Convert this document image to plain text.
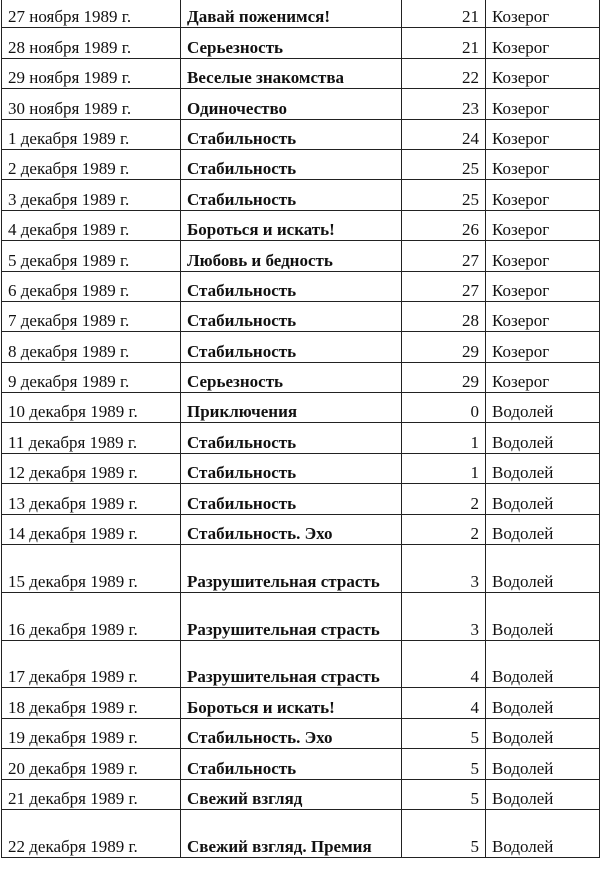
27 ноября 1989 г.	Давай поженимся!	21	Козерог
28 ноября 1989 г.	Серьезность	21	Козерог
29 ноября 1989 г.	Веселые знакомства	22	Козерог
30 ноября 1989 г.	Одиночество	23	Козерог
1 декабря 1989 г.	Стабильность	24	Козерог
2 декабря 1989 г.	Стабильность	25	Козерог
3 декабря 1989 г.	Стабильность	25	Козерог
4 декабря 1989 г.	Бороться и искать!	26	Козерог
5 декабря 1989 г.	Любовь и бедность	27	Козерог
6 декабря 1989 г.	Стабильность	27	Козерог
7 декабря 1989 г.	Стабильность	28	Козерог
8 декабря 1989 г.	Стабильность	29	Козерог
9 декабря 1989 г.	Серьезность	29	Козерог
10 декабря 1989 г.	Приключения	0	Водолей
11 декабря 1989 г.	Стабильность	1	Водолей
12 декабря 1989 г.	Стабильность	1	Водолей
13 декабря 1989 г.	Стабильность	2	Водолей
14 декабря 1989 г.	Стабильность. Эхо	2	Водолей
15 декабря 1989 г.	Разрушительная страсть	3	Водолей
16 декабря 1989 г.	Разрушительная страсть	3	Водолей
17 декабря 1989 г.	Разрушительная страсть	4	Водолей
18 декабря 1989 г.	Бороться и искать!	4	Водолей
19 декабря 1989 г.	Стабильность. Эхо	5	Водолей
20 декабря 1989 г.	Стабильность	5	Водолей
21 декабря 1989 г.	Свежий взгляд	5	Водолей
22 декабря 1989 г.	Свежий взгляд. Премия	5	Водолей
